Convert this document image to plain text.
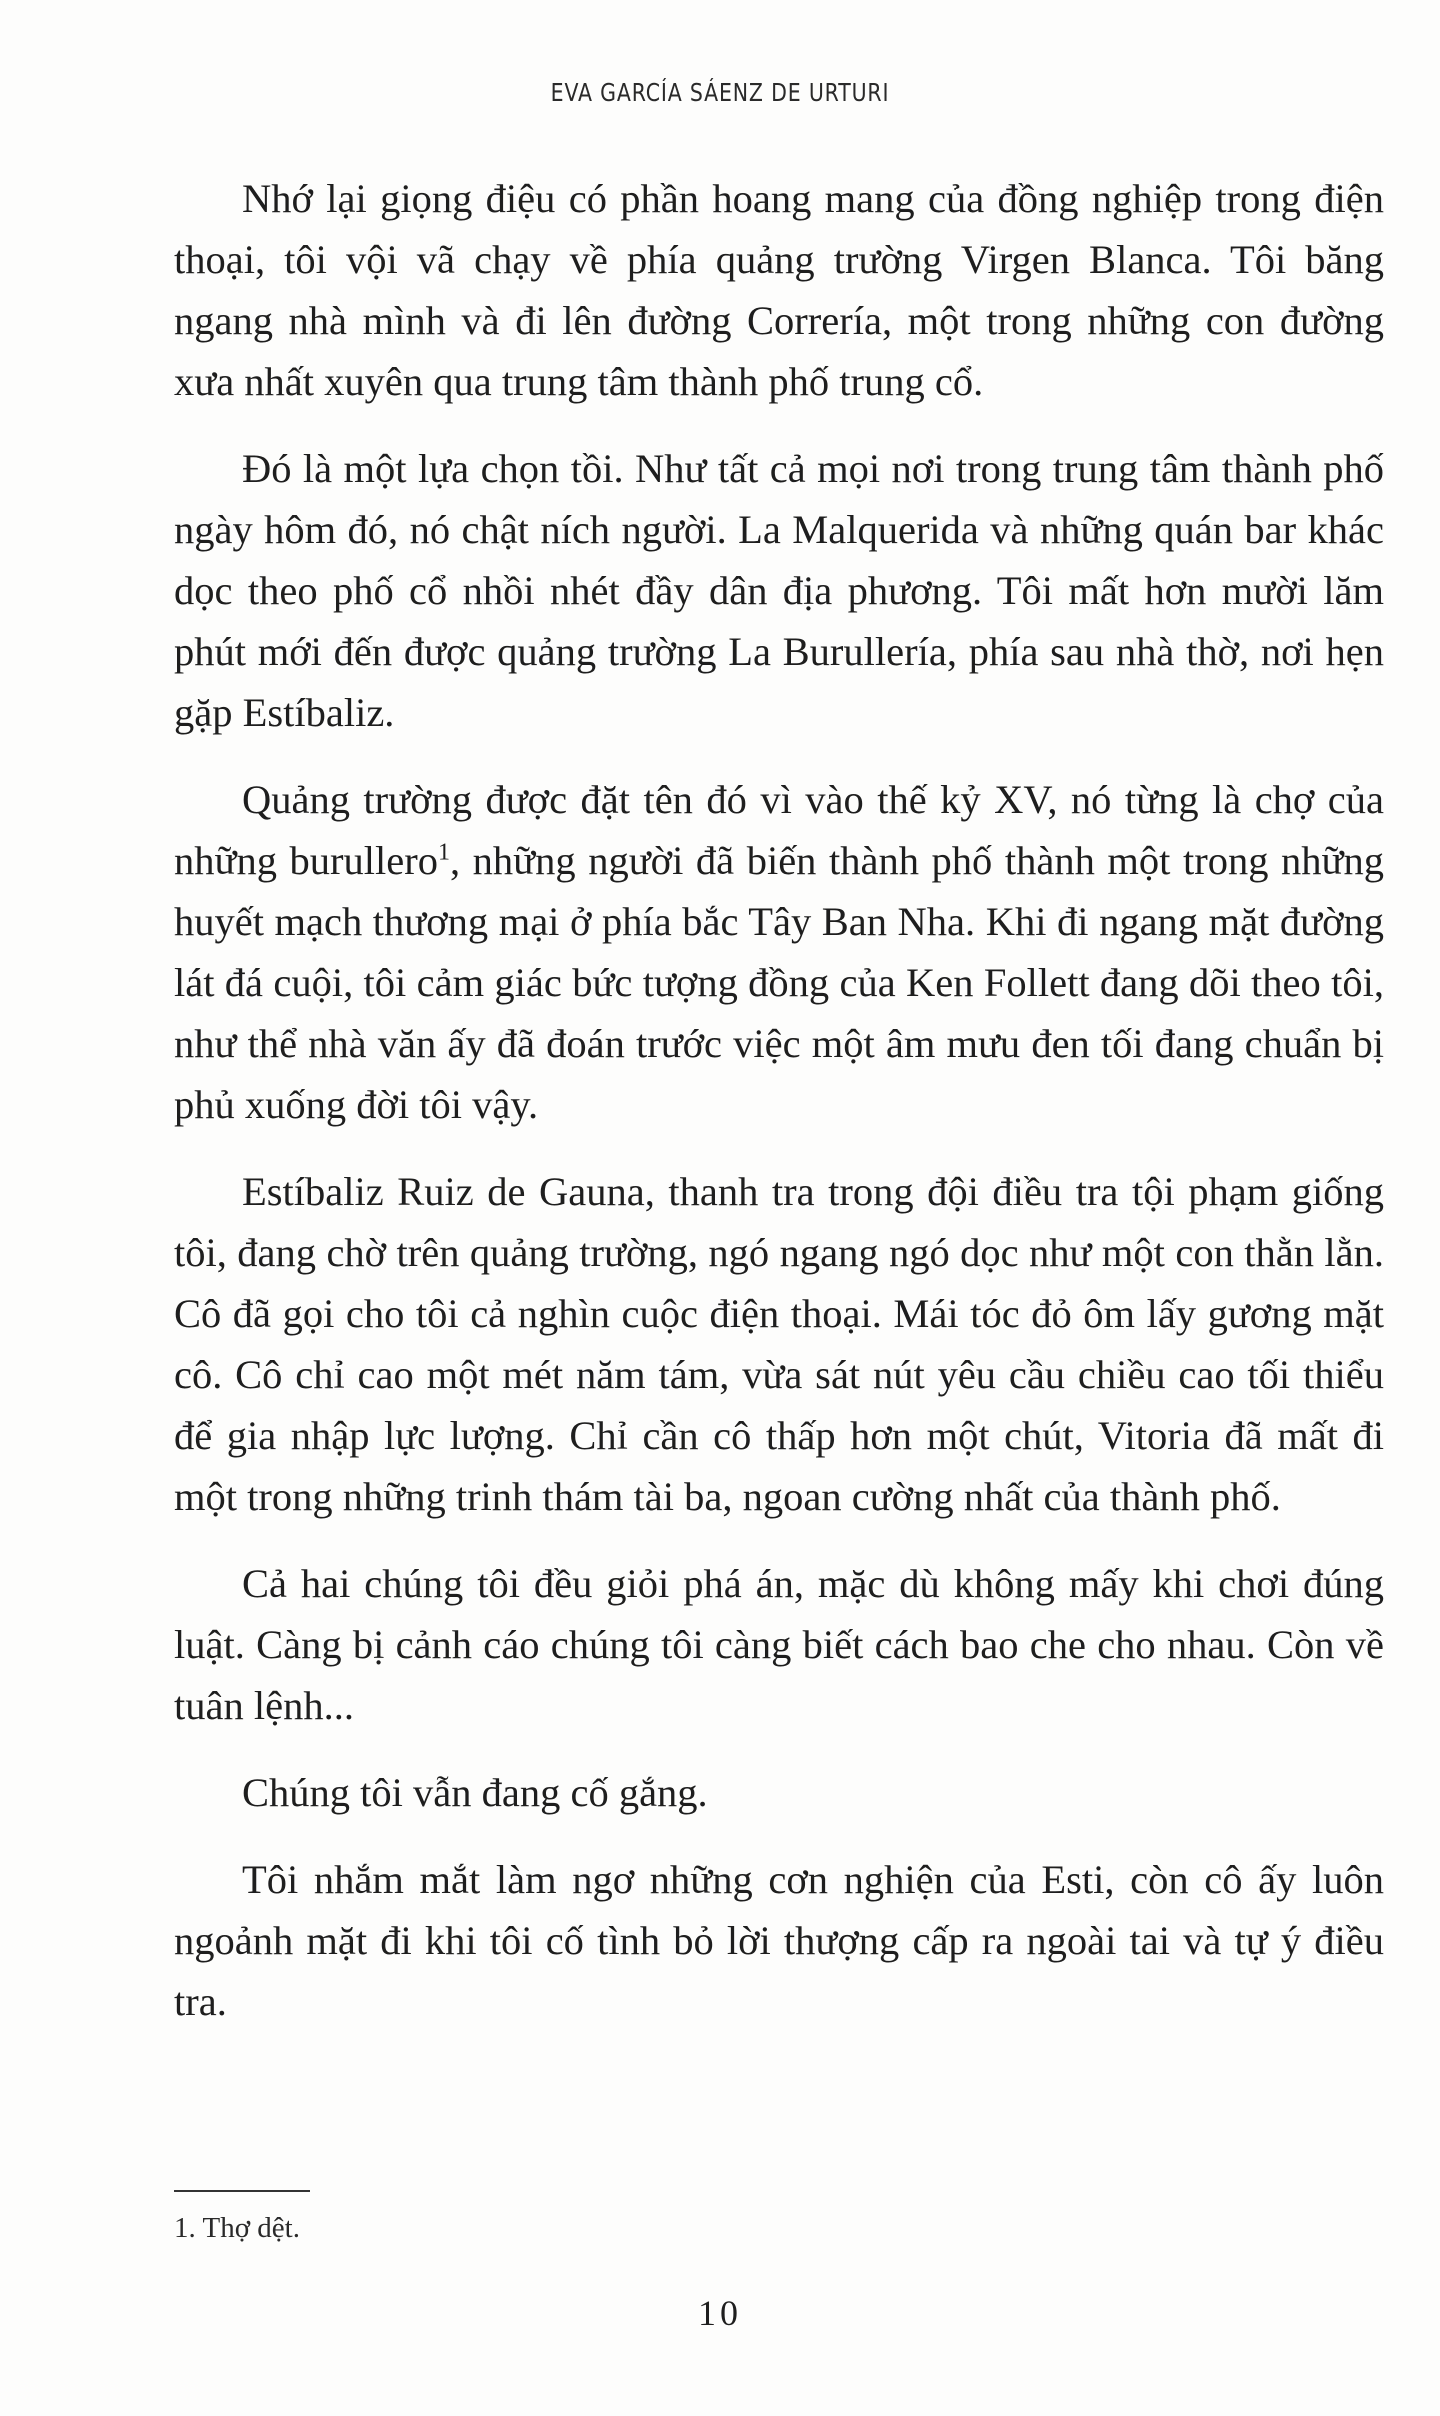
EVA GARCÍA SÁENZ DE URTURI

Nhớ lại giọng điệu có phần hoang mang của đồng nghiệp trong điện thoại, tôi vội vã chạy về phía quảng trường Virgen Blanca. Tôi băng ngang nhà mình và đi lên đường Correría, một trong những con đường xưa nhất xuyên qua trung tâm thành phố trung cổ.

Đó là một lựa chọn tồi. Như tất cả mọi nơi trong trung tâm thành phố ngày hôm đó, nó chật ních người. La Malquerida và những quán bar khác dọc theo phố cổ nhồi nhét đầy dân địa phương. Tôi mất hơn mười lăm phút mới đến được quảng trường La Burullería, phía sau nhà thờ, nơi hẹn gặp Estíbaliz.

Quảng trường được đặt tên đó vì vào thế kỷ XV, nó từng là chợ của những burullero$^1$, những người đã biến thành phố thành một trong những huyết mạch thương mại ở phía bắc Tây Ban Nha. Khi đi ngang mặt đường lát đá cuội, tôi cảm giác bức tượng đồng của Ken Follett đang dõi theo tôi, như thể nhà văn ấy đã đoán trước việc một âm mưu đen tối đang chuẩn bị phủ xuống đời tôi vậy.

Estíbaliz Ruiz de Gauna, thanh tra trong đội điều tra tội phạm giống tôi, đang chờ trên quảng trường, ngó ngang ngó dọc như một con thằn lằn. Cô đã gọi cho tôi cả nghìn cuộc điện thoại. Mái tóc đỏ ôm lấy gương mặt cô. Cô chỉ cao một mét năm tám, vừa sát nút yêu cầu chiều cao tối thiểu để gia nhập lực lượng. Chỉ cần cô thấp hơn một chút, Vitoria đã mất đi một trong những trinh thám tài ba, ngoan cường nhất của thành phố.

Cả hai chúng tôi đều giỏi phá án, mặc dù không mấy khi chơi đúng luật. Càng bị cảnh cáo chúng tôi càng biết cách bao che cho nhau. Còn về tuân lệnh...

Chúng tôi vẫn đang cố gắng.

Tôi nhắm mắt làm ngơ những cơn nghiện của Esti, còn cô ấy luôn ngoảnh mặt đi khi tôi cố tình bỏ lời thượng cấp ra ngoài tai và tự ý điều tra.

1. Thợ dệt.
10
